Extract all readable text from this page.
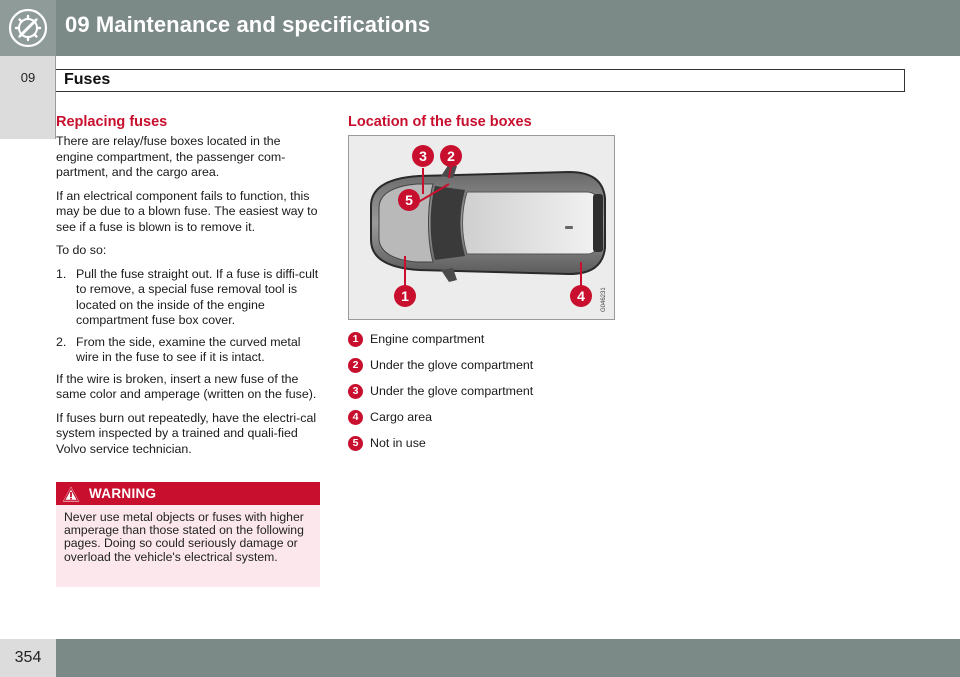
09 Maintenance and specifications
09	Fuses
Replacing fuses
There are relay/fuse boxes located in the engine compartment, the passenger com-partment, and the cargo area.
If an electrical component fails to function, this may be due to a blown fuse. The easiest way to see if a fuse is blown is to remove it.
To do so:
1. Pull the fuse straight out. If a fuse is diffi-cult to remove, a special fuse removal tool is located on the inside of the engine compartment fuse box cover.
2. From the side, examine the curved metal wire in the fuse to see if it is intact.
If the wire is broken, insert a new fuse of the same color and amperage (written on the fuse).
If fuses burn out repeatedly, have the electri-cal system inspected by a trained and quali-fied Volvo service technician.
WARNING
Never use metal objects or fuses with higher amperage than those stated on the following pages. Doing so could seriously damage or overload the vehicle's electrical system.
Location of the fuse boxes
3 2
5
1	4	G046231
1 Engine compartment
2 Under the glove compartment
3 Under the glove compartment
4 Cargo area
5 Not in use
354
